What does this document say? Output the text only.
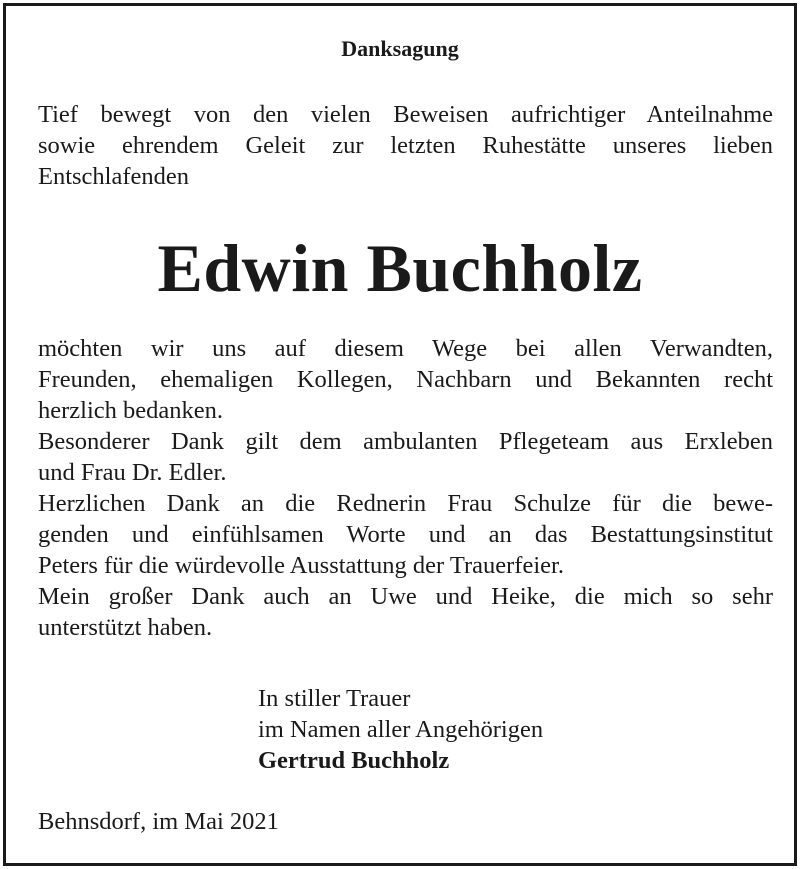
Danksagung
Tief bewegt von den vielen Beweisen aufrichtiger Anteilnahme
sowie ehrendem Geleit zur letzten Ruhestätte unseres lieben
Entschlafenden
Edwin Buchholz
möchten wir uns auf diesem Wege bei allen Verwandten,
Freunden, ehemaligen Kollegen, Nachbarn und Bekannten recht
herzlich bedanken.
Besonderer Dank gilt dem ambulanten Pflegeteam aus Erxleben
und Frau Dr. Edler.
Herzlichen Dank an die Rednerin Frau Schulze für die bewe-
genden und einfühlsamen Worte und an das Bestattungsinstitut
Peters für die würdevolle Ausstattung der Trauerfeier.
Mein großer Dank auch an Uwe und Heike, die mich so sehr
unterstützt haben.
In stiller Trauer
im Namen aller Angehörigen
Gertrud Buchholz
Behnsdorf, im Mai 2021
